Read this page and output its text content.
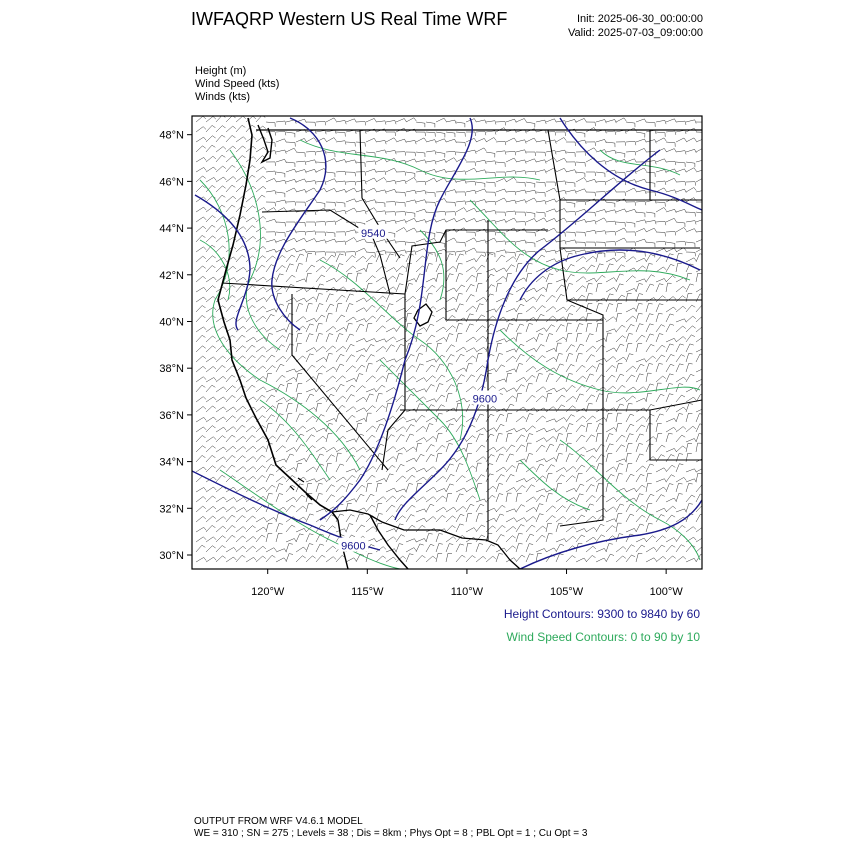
IWFAQRP Western US Real Time WRF	Init: 2025-06-30_00:00:00
Valid: 2025-07-03_09:00:00
Height (m)
Wind Speed (kts)
Winds (kts)
9540
9600
9600
48°N
46°N
44°N
42°N
40°N
38°N
36°N
34°N
32°N
30°N
120°W	115°W	110°W	105°W	100°W
Height Contours: 9300 to 9840 by 60
Wind Speed Contours: 0 to 90 by 10
OUTPUT FROM WRF V4.6.1 MODEL
WE = 310 ; SN = 275 ; Levels = 38 ; Dis = 8km ; Phys Opt = 8 ; PBL Opt = 1 ; Cu Opt = 3
